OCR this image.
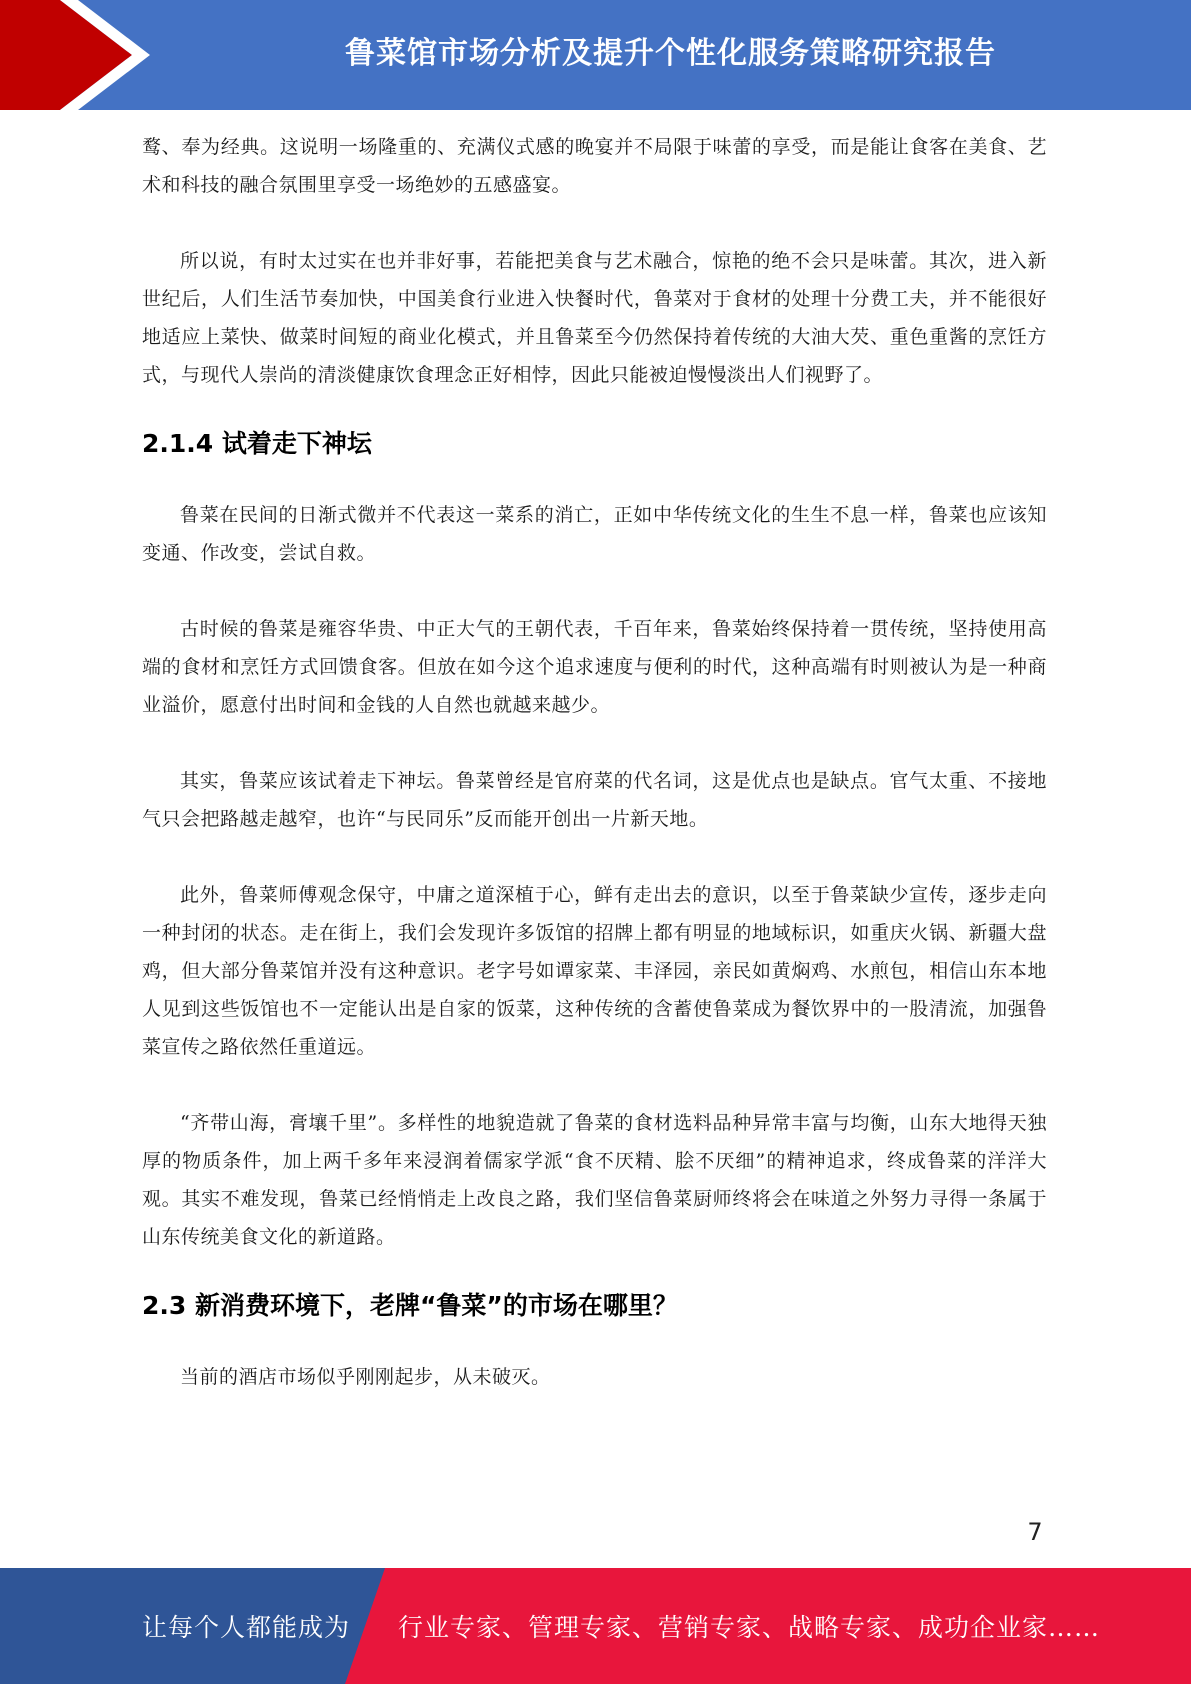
鲁菜馆市场分析及提升个性化服务策略研究报告

鹜、奉为经典。这说明一场隆重的、充满仪式感的晚宴并不局限于味蕾的享受，而是能让食客在美食、艺术和科技的融合氛围里享受一场绝妙的五感盛宴。

所以说，有时太过实在也并非好事，若能把美食与艺术融合，惊艳的绝不会只是味蕾。其次，进入新世纪后，人们生活节奏加快，中国美食行业进入快餐时代，鲁菜对于食材的处理十分费工夫，并不能很好地适应上菜快、做菜时间短的商业化模式，并且鲁菜至今仍然保持着传统的大油大芡、重色重酱的烹饪方式，与现代人崇尚的清淡健康饮食理念正好相悖，因此只能被迫慢慢淡出人们视野了。

2.1.4 试着走下神坛

鲁菜在民间的日渐式微并不代表这一菜系的消亡，正如中华传统文化的生生不息一样，鲁菜也应该知变通、作改变，尝试自救。

古时候的鲁菜是雍容华贵、中正大气的王朝代表，千百年来，鲁菜始终保持着一贯传统，坚持使用高端的食材和烹饪方式回馈食客。但放在如今这个追求速度与便利的时代，这种高端有时则被认为是一种商业溢价，愿意付出时间和金钱的人自然也就越来越少。

其实，鲁菜应该试着走下神坛。鲁菜曾经是官府菜的代名词，这是优点也是缺点。官气太重、不接地气只会把路越走越窄，也许“与民同乐”反而能开创出一片新天地。

此外，鲁菜师傅观念保守，中庸之道深植于心，鲜有走出去的意识，以至于鲁菜缺少宣传，逐步走向一种封闭的状态。走在街上，我们会发现许多饭馆的招牌上都有明显的地域标识，如重庆火锅、新疆大盘鸡，但大部分鲁菜馆并没有这种意识。老字号如谭家菜、丰泽园，亲民如黄焖鸡、水煎包，相信山东本地人见到这些饭馆也不一定能认出是自家的饭菜，这种传统的含蓄使鲁菜成为餐饮界中的一股清流，加强鲁菜宣传之路依然任重道远。

“齐带山海，膏壤千里”。多样性的地貌造就了鲁菜的食材选料品种异常丰富与均衡，山东大地得天独厚的物质条件，加上两千多年来浸润着儒家学派“食不厌精、脍不厌细”的精神追求，终成鲁菜的洋洋大观。其实不难发现，鲁菜已经悄悄走上改良之路，我们坚信鲁菜厨师终将会在味道之外努力寻得一条属于山东传统美食文化的新道路。

2.3 新消费环境下，老牌“鲁菜”的市场在哪里？

当前的酒店市场似乎刚刚起步，从未破灭。

7
让每个人都能成为 行业专家、管理专家、营销专家、战略专家、成功企业家……
